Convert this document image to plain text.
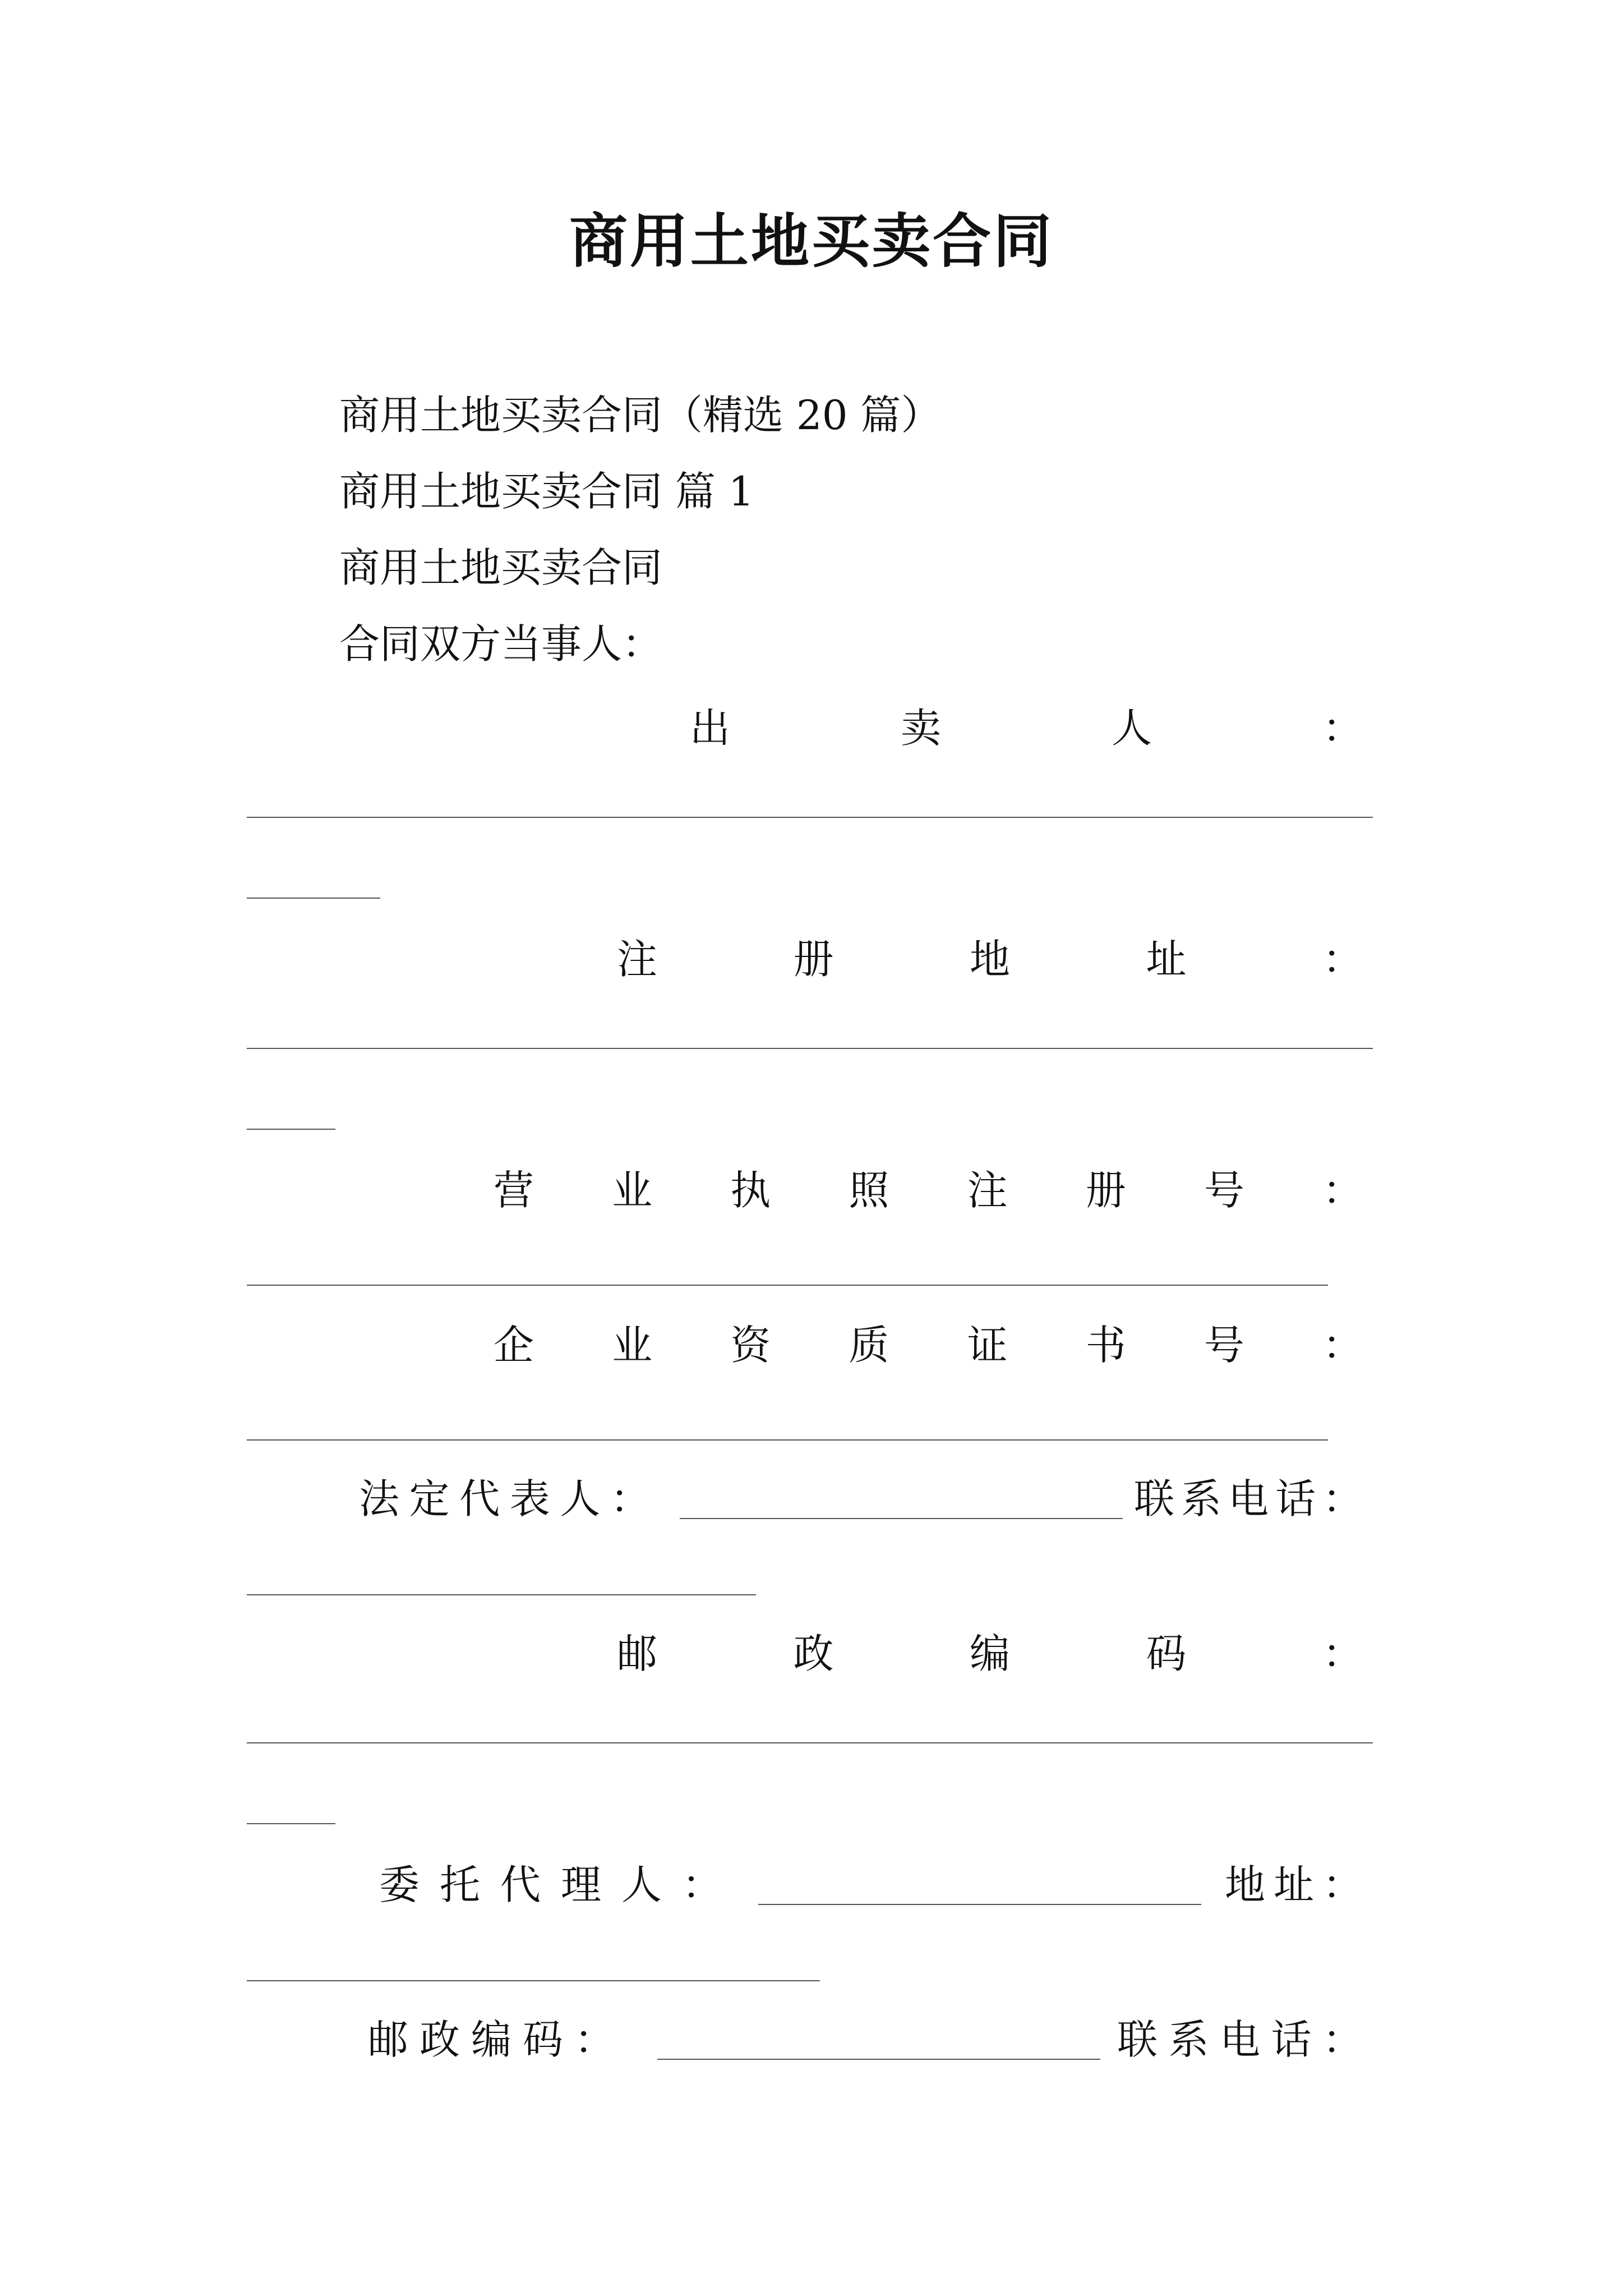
商用土地买卖合同
商用土地买卖合同（精选 20 篇）
商用土地买卖合同 篇 1
商用土地买卖合同
合同双方当事人：
出	卖	人	：
注	册	地	址	：
营 业 执 照 注 册 号 ：
企 业 资 质 证 书 号 ：
法 定 代 表 人 ：	联 系 电 话 ：
邮	政	编	码	：
委 托 代 理 人 ：	地 址 ：
邮 政 编 码 ：	联 系 电 话 ：
